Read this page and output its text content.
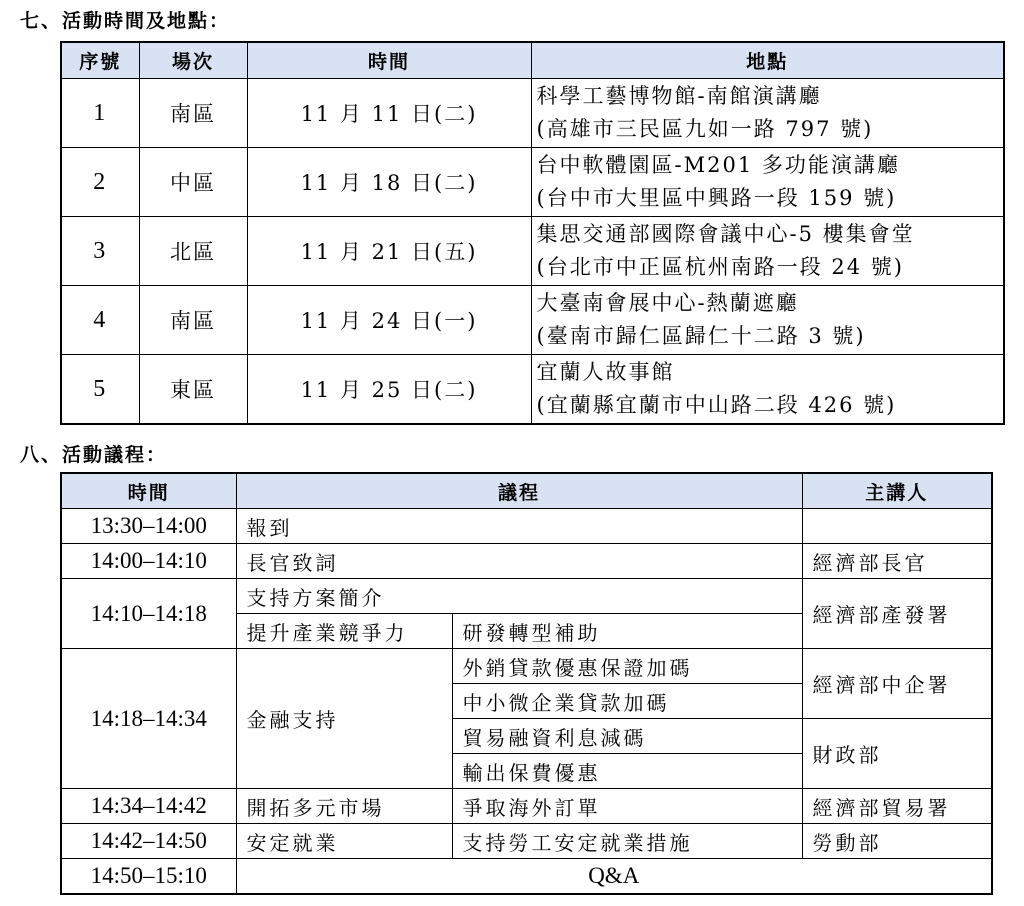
七、活動時間及地點：
序號	場次	時間	地點
1	南區	11 月 11 日(二)	科學工藝博物館-南館演講廳
(高雄市三民區九如一路 797 號)

2	中區	11 月 18 日(二)	台中軟體園區-M201 多功能演講廳
(台中市大里區中興路一段 159 號)

3	北區	11 月 21 日(五)	集思交通部國際會議中心-5 樓集會堂
(台北市中正區杭州南路一段 24 號)

4	南區	11 月 24 日(一)	大臺南會展中心-熱蘭遮廳
(臺南市歸仁區歸仁十二路 3 號)

5	東區	11 月 25 日(二)	宜蘭人故事館
(宜蘭縣宜蘭市中山路二段 426 號)
八、活動議程：
時間	議程		主講人
13:30–14:00	報到		
14:00–14:10	長官致詞		經濟部長官
14:10–14:18	支持方案簡介		經濟部產發署
	提升產業競爭力	研發轉型補助	
14:18–14:34	金融支持	外銷貸款優惠保證加碼	經濟部中企署
		中小微企業貸款加碼	
		貿易融資利息減碼	財政部
		輸出保費優惠	
14:34–14:42	開拓多元市場	爭取海外訂單	經濟部貿易署
14:42–14:50	安定就業	支持勞工安定就業措施	勞動部
14:50–15:10	Q&A		
